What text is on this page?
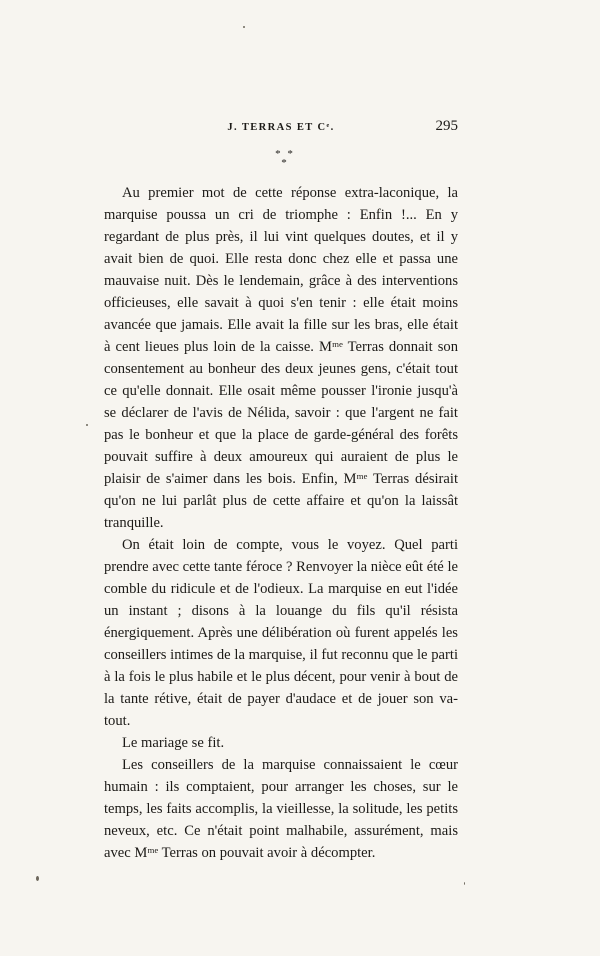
J. TERRAS ET Cᵉ.	295
* *
*

Au premier mot de cette réponse extra-laconique, la marquise poussa un cri de triomphe : Enfin !... En y regardant de plus près, il lui vint quelques doutes, et il y avait bien de quoi. Elle resta donc chez elle et passa une mauvaise nuit. Dès le lendemain, grâce à des interventions officieuses, elle savait à quoi s'en tenir : elle était moins avancée que jamais. Elle avait la fille sur les bras, elle était à cent lieues plus loin de la caisse. Mᵐᵉ Terras donnait son consentement au bonheur des deux jeunes gens, c'était tout ce qu'elle donnait. Elle osait même pousser l'ironie jusqu'à se déclarer de l'avis de Nélida, savoir : que l'argent ne fait pas le bonheur et que la place de garde-général des forêts pouvait suffire à deux amoureux qui auraient de plus le plaisir de s'aimer dans les bois. Enfin, Mᵐᵉ Terras désirait qu'on ne lui parlât plus de cette affaire et qu'on la laissât tranquille.

On était loin de compte, vous le voyez. Quel parti prendre avec cette tante féroce ? Renvoyer la nièce eût été le comble du ridicule et de l'odieux. La marquise en eut l'idée un instant ; disons à la louange du fils qu'il résista énergiquement. Après une délibération où furent appelés les conseillers intimes de la marquise, il fut reconnu que le parti à la fois le plus habile et le plus décent, pour venir à bout de la tante rétive, était de payer d'audace et de jouer son va-tout.

Le mariage se fit.

Les conseillers de la marquise connaissaient le cœur humain : ils comptaient, pour arranger les choses, sur le temps, les faits accomplis, la vieillesse, la solitude, les petits neveux, etc. Ce n'était point malhabile, assurément, mais avec Mᵐᵉ Terras on pouvait avoir à décompter.
